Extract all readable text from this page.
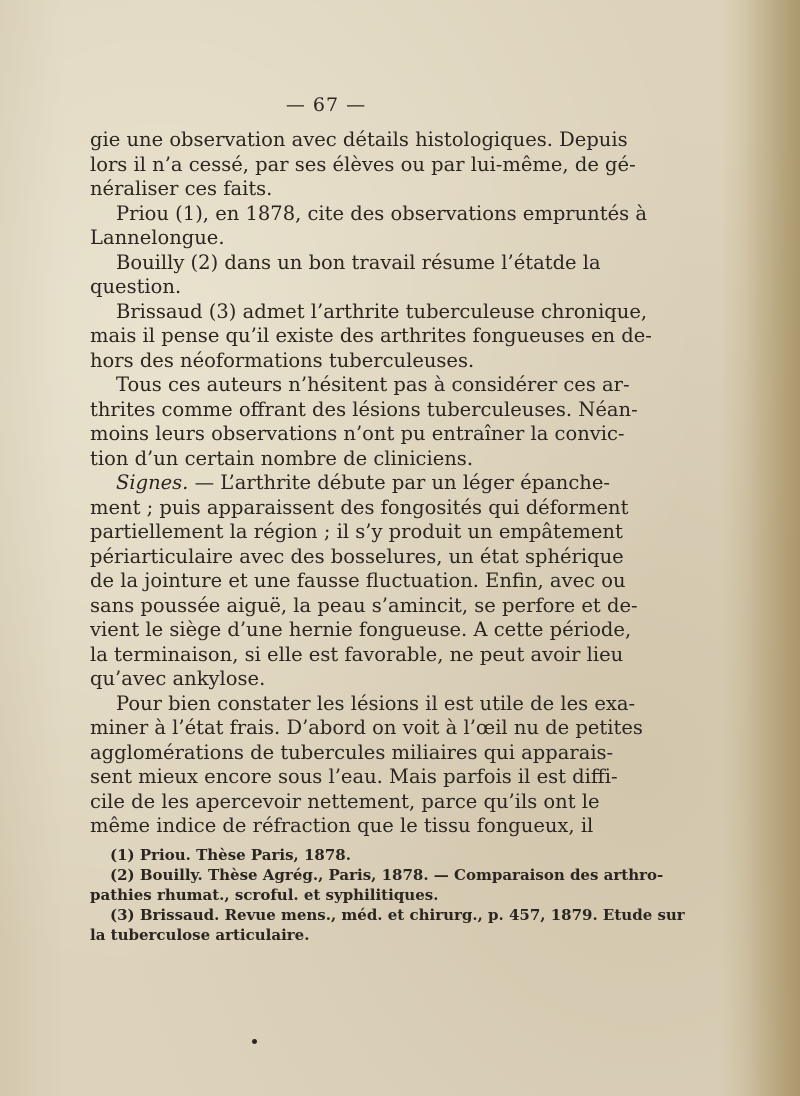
— 67 —
gie une observation avec détails histologiques. Depuis
lors il n’a cessé, par ses élèves ou par lui-même, de gé-
néraliser ces faits.
Priou (1), en 1878, cite des observations empruntés à
Lannelongue.
Bouilly (2) dans un bon travail résume l’étatde la
question.
Brissaud (3) admet l’arthrite tuberculeuse chronique,
mais il pense qu’il existe des arthrites fongueuses en de-
hors des néoformations tuberculeuses.
Tous ces auteurs n’hésitent pas à considérer ces ar-
thrites comme offrant des lésions tuberculeuses. Néan-
moins leurs observations n’ont pu entraîner la convic-
tion d’un certain nombre de cliniciens.
Signes. — L’arthrite débute par un léger épanche-
ment ; puis apparaissent des fongosités qui déforment
partiellement la région ; il s’y produit un empâtement
périarticulaire avec des bosselures, un état sphérique
de la jointure et une fausse fluctuation. Enfin, avec ou
sans poussée aiguë, la peau s’amincit, se perfore et de-
vient le siège d’une hernie fongueuse. A cette période,
la terminaison, si elle est favorable, ne peut avoir lieu
qu’avec ankylose.
Pour bien constater les lésions il est utile de les exa-
miner à l’état frais. D’abord on voit à l’œil nu de petites
agglomérations de tubercules miliaires qui apparais-
sent mieux encore sous l’eau. Mais parfois il est diffi-
cile de les apercevoir nettement, parce qu’ils ont le
même indice de réfraction que le tissu fongueux, il
(1) Priou. Thèse Paris, 1878.
(2) Bouilly. Thèse Agrég., Paris, 1878. — Comparaison des arthro-
pathies rhumat., scroful. et syphilitiques.
(3) Brissaud. Revue mens., méd. et chirurg., p. 457, 1879. Etude sur
la tuberculose articulaire.
